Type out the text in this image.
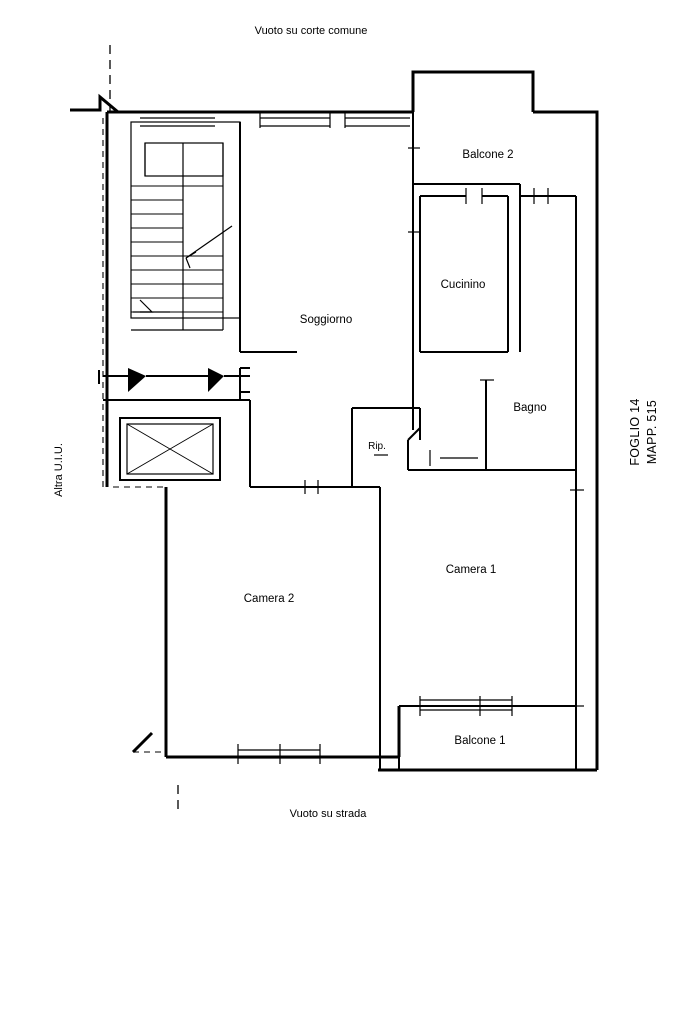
Vuoto su corte comune
Vuoto su strada
Altra U.I.U.
FOGLIO 14 MAPP. 515
Soggiorno
Cucinino
Bagno
Rip.
Camera 1
Camera 2
Balcone 1
Balcone 2
